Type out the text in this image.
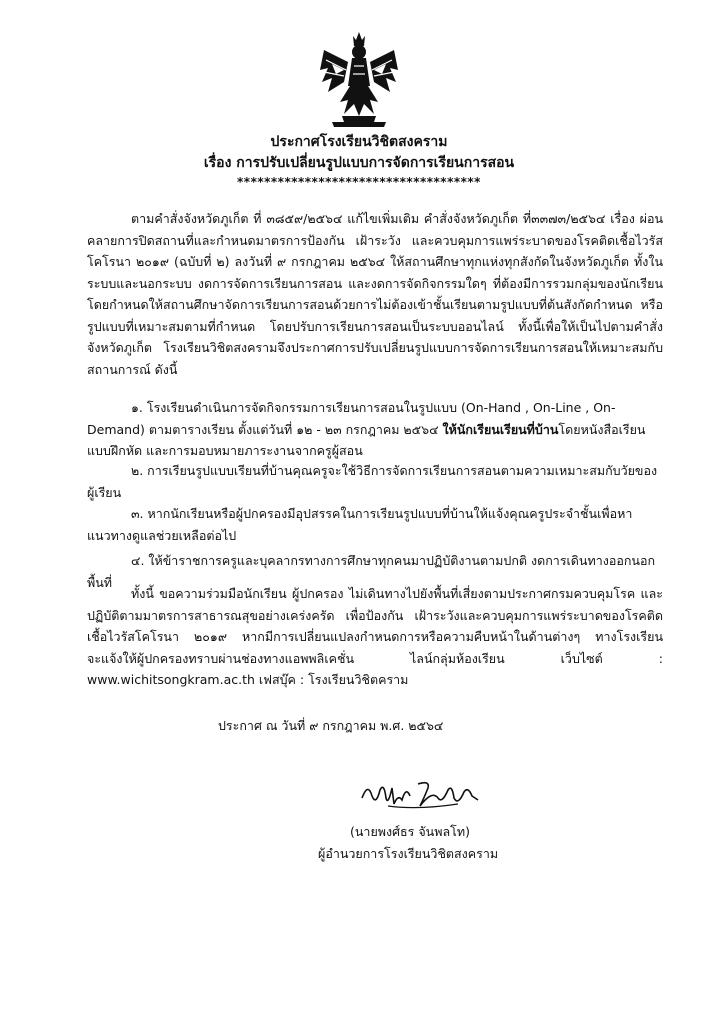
ประกาศโรงเรียนวิชิตสงคราม
เรื่อง การปรับเปลี่ยนรูปแบบการจัดการเรียนการสอน
************************************
ตามคำสั่งจังหวัดภูเก็ต ที่ ๓๘๕๙/๒๕๖๔ แก้ไขเพิ่มเติม คำสั่งจังหวัดภูเก็ต ที่๓๓๗๓/๒๕๖๔ เรื่อง ผ่อนคลายการปิดสถานที่และกำหนดมาตรการป้องกัน เฝ้าระวัง และควบคุมการแพร่ระบาดของโรคติดเชื้อไวรัสโคโรนา ๒๐๑๙ (ฉบับที่ ๒) ลงวันที่ ๙ กรกฎาคม ๒๕๖๔ ให้สถานศึกษาทุกแห่งทุกสังกัดในจังหวัดภูเก็ต ทั้งในระบบและนอกระบบ งดการจัดการเรียนการสอน และงดการจัดกิจกรรมใดๆ ที่ต้องมีการรวมกลุ่มของนักเรียน โดยกำหนดให้สถานศึกษาจัดการเรียนการสอนด้วยการไม่ต้องเข้าชั้นเรียนตามรูปแบบที่ต้นสังกัดกำหนด หรือรูปแบบที่เหมาะสมตามที่กำหนด โดยปรับการเรียนการสอนเป็นระบบออนไลน์ ทั้งนี้เพื่อให้เป็นไปตามคำสั่งจังหวัดภูเก็ต โรงเรียนวิชิตสงครามจึงประกาศการปรับเปลี่ยนรูปแบบการจัดการเรียนการสอนให้เหมาะสมกับสถานการณ์ ดังนี้
๑. โรงเรียนดำเนินการจัดกิจกรรมการเรียนการสอนในรูปแบบ (On-Hand , On-Line , On-Demand) ตามตารางเรียน ตั้งแต่วันที่ ๑๒ - ๒๓ กรกฎาคม ๒๕๖๔ ให้นักเรียนเรียนที่บ้านโดยหนังสือเรียน แบบฝึกหัด และการมอบหมายภาระงานจากครูผู้สอน
๒. การเรียนรูปแบบเรียนที่บ้านคุณครูจะใช้วิธีการจัดการเรียนการสอนตามความเหมาะสมกับวัยของผู้เรียน
๓. หากนักเรียนหรือผู้ปกครองมีอุปสรรคในการเรียนรูปแบบที่บ้านให้แจ้งคุณครูประจำชั้นเพื่อหาแนวทางดูแลช่วยเหลือต่อไป
๔. ให้ข้าราชการครูและบุคลากรทางการศึกษาทุกคนมาปฏิบัติงานตามปกติ งดการเดินทางออกนอกพื้นที่
ทั้งนี้ ขอความร่วมมือนักเรียน ผู้ปกครอง ไม่เดินทางไปยังพื้นที่เสี่ยงตามประกาศกรมควบคุมโรค และปฏิบัติตามมาตรการสาธารณสุขอย่างเคร่งครัด เพื่อป้องกัน เฝ้าระวังและควบคุมการแพร่ระบาดของโรคติดเชื้อไวรัสโคโรนา ๒๐๑๙ หากมีการเปลี่ยนแปลงกำหนดการหรือความคืบหน้าในด้านต่างๆ ทางโรงเรียนจะแจ้งให้ผู้ปกครองทราบผ่านช่องทางแอพพลิเคชั่น ไลน์กลุ่มห้องเรียน เว็บไซต์ : www.wichitsongkram.ac.th เฟสบุ๊ค : โรงเรียนวิชิตคราม
ประกาศ ณ วันที่ ๙ กรกฎาคม พ.ศ. ๒๕๖๔
(นายพงศ์ธร จันพลโท)
ผู้อำนวยการโรงเรียนวิชิตสงคราม
